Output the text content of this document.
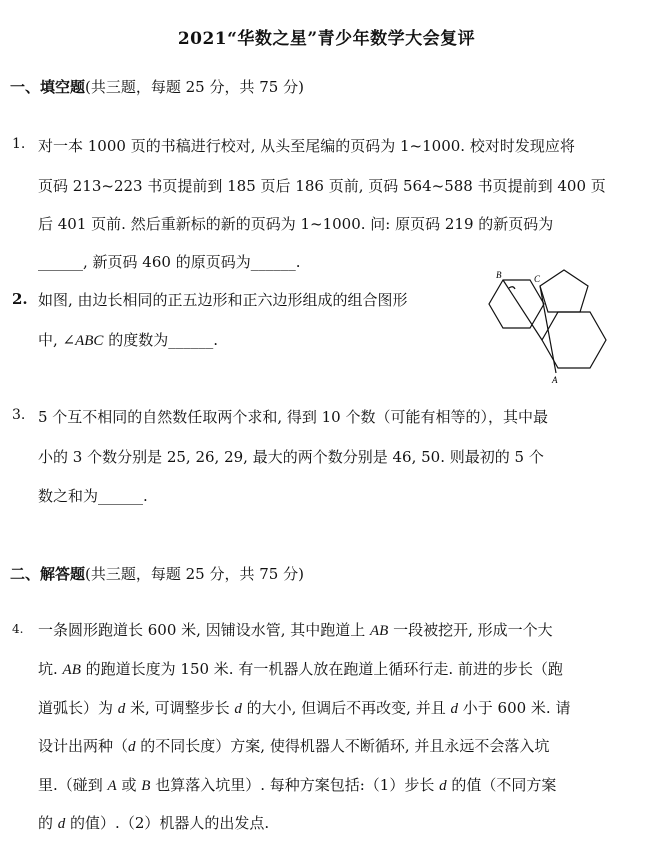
2021“华数之星”青少年数学大会复评
一、填空题(共三题，每题 25 分，共 75 分)
1. 对一本 1000 页的书稿进行校对, 从头至尾编的页码为 1~1000. 校对时发现应将
页码 213~223 书页提前到 185 页后 186 页前, 页码 564~588 书页提前到 400 页
后 401 页前. 然后重新标的新的页码为 1~1000. 问: 原页码 219 的新页码为
______, 新页码 460 的原页码为______.
2. 如图, 由边长相同的正五边形和正六边形组成的组合图形
中, ∠ABC 的度数为______.
B	C
A
3. 5 个互不相同的自然数任取两个求和, 得到 10 个数（可能有相等的），其中最
小的 3 个数分别是 25, 26, 29, 最大的两个数分别是 46, 50. 则最初的 5 个
数之和为______.
二、解答题(共三题，每题 25 分，共 75 分)
4. 一条圆形跑道长 600 米, 因铺设水管, 其中跑道上 AB 一段被挖开, 形成一个大
坑. AB 的跑道长度为 150 米. 有一机器人放在跑道上循环行走. 前进的步长（跑
道弧长）为 d 米, 可调整步长 d 的大小, 但调后不再改变, 并且 d 小于 600 米. 请
设计出两种（d 的不同长度）方案, 使得机器人不断循环, 并且永远不会落入坑
里.（碰到 A 或 B 也算落入坑里）. 每种方案包括:（1）步长 d 的值（不同方案
的 d 的值）.（2）机器人的出发点.
